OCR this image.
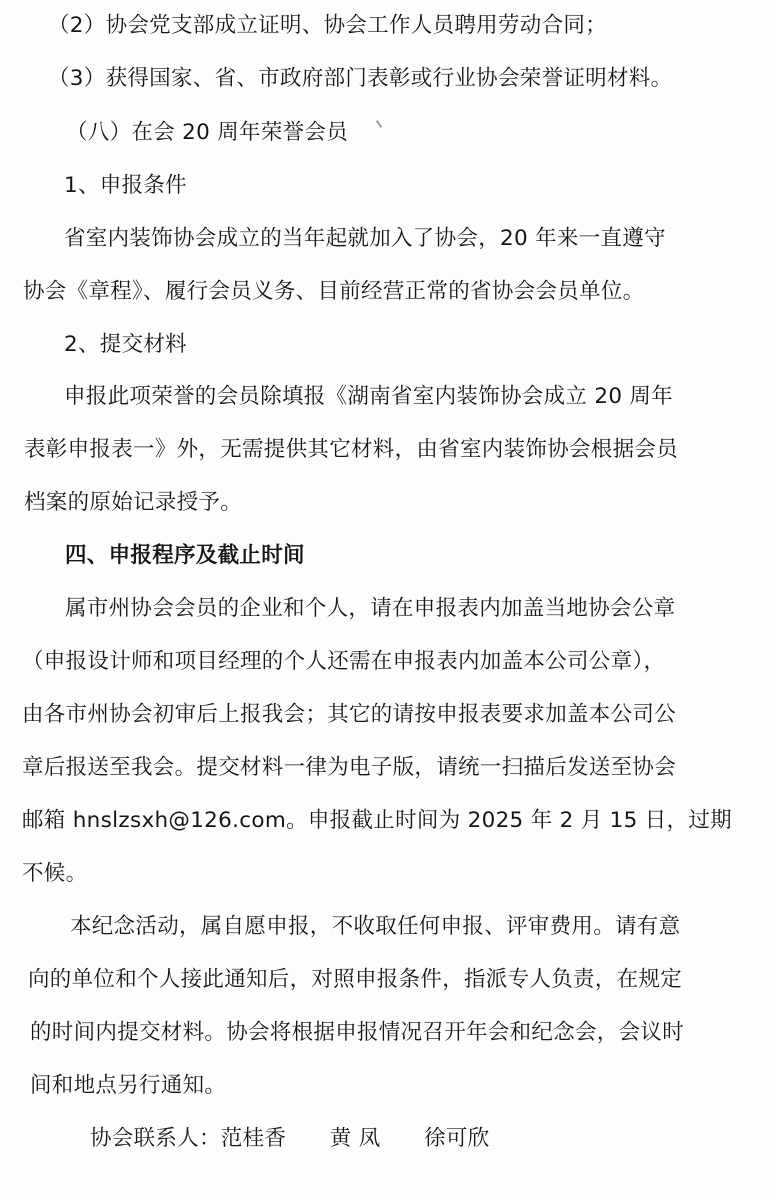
（2）协会党支部成立证明、协会工作人员聘用劳动合同；

（3）获得国家、省、市政府部门表彰或行业协会荣誉证明材料。

（八）在会 20 周年荣誉会员

1、申报条件

省室内装饰协会成立的当年起就加入了协会，20 年来一直遵守

协会《章程》、履行会员义务、目前经营正常的省协会会员单位。

2、提交材料

申报此项荣誉的会员除填报《湖南省室内装饰协会成立 20 周年

表彰申报表一》外，无需提供其它材料，由省室内装饰协会根据会员

档案的原始记录授予。

四、申报程序及截止时间

属市州协会会员的企业和个人，请在申报表内加盖当地协会公章

（申报设计师和项目经理的个人还需在申报表内加盖本公司公章），

由各市州协会初审后上报我会；其它的请按申报表要求加盖本公司公

章后报送至我会。提交材料一律为电子版，请统一扫描后发送至协会

邮箱 hnslzsxh@126.com。申报截止时间为 2025 年 2 月 15 日，过期

不候。

本纪念活动，属自愿申报，不收取任何申报、评审费用。请有意

向的单位和个人接此通知后，对照申报条件，指派专人负责，在规定

的时间内提交材料。协会将根据申报情况召开年会和纪念会，会议时

间和地点另行通知。

协会联系人：范桂香　　黄 凤　　徐可欣
